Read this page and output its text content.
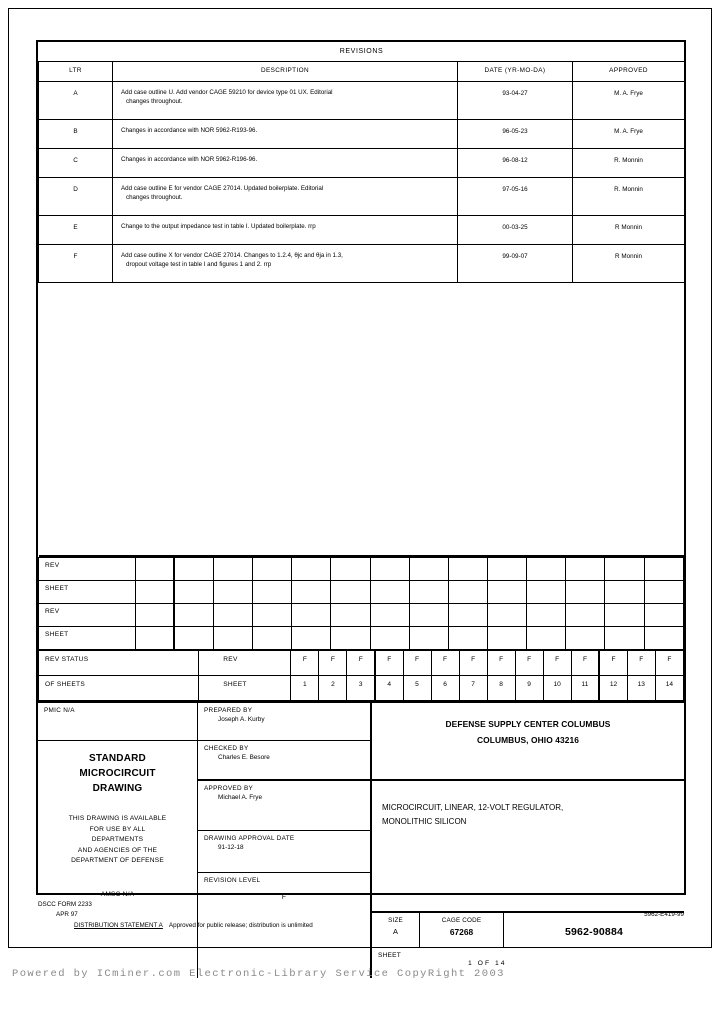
REVISIONS			
LTR	DESCRIPTION	DATE (YR-MO-DA)	APPROVED
A	Add case outline U. Add vendor CAGE 59210 for device type 01 UX. Editorial
changes throughout.	93-04-27	M. A. Frye
B	Changes in accordance with NOR 5962-R193-96.	96-05-23	M. A. Frye
C	Changes in accordance with NOR 5962-R196-96.	96-08-12	R. Monnin
D	Add case outline E for vendor CAGE 27014. Updated boilerplate. Editorial
changes throughout.	97-05-16	R. Monnin
E	Change to the output impedance test in table I. Updated boilerplate. rrp	00-03-25	R Monnin
F	Add case outline X for vendor CAGE 27014. Changes to 1.2.4, θjc and θja in 1.3,
dropout voltage test in table I and figures 1 and 2. rrp	99-09-07	R Monnin

REV														
SHEET														
REV														
SHEET														
REV STATUS	REV	F	F	F	F	F	F	F	F	F	F	F	F	F	F
OF SHEETS	SHEET	1	2	3	4	5	6	7	8	9	10	11	12	13	14
PMIC N/A
STANDARD
MICROCIRCUIT
DRAWING
THIS DRAWING IS AVAILABLE
FOR USE BY ALL
DEPARTMENTS
AND AGENCIES OF THE
DEPARTMENT OF DEFENSE
AMSC N/A
PREPARED BY
Joseph A. Kurby
CHECKED BY
Charles E. Besore
APPROVED BY
Michael A. Frye
DRAWING APPROVAL DATE
91-12-18
REVISION LEVEL
F
DEFENSE SUPPLY CENTER COLUMBUS
COLUMBUS, OHIO 43216
MICROCIRCUIT, LINEAR, 12-VOLT REGULATOR,
MONOLITHIC SILICON
SIZE
A
CAGE CODE
67268	5962-90884
SHEET
1 OF 14
DSCC FORM 2233
APR 97	5962-E419-99
DISTRIBUTION STATEMENT A Approved for public release; distribution is unlimited
Powered by ICminer.com Electronic-Library Service CopyRight 2003
